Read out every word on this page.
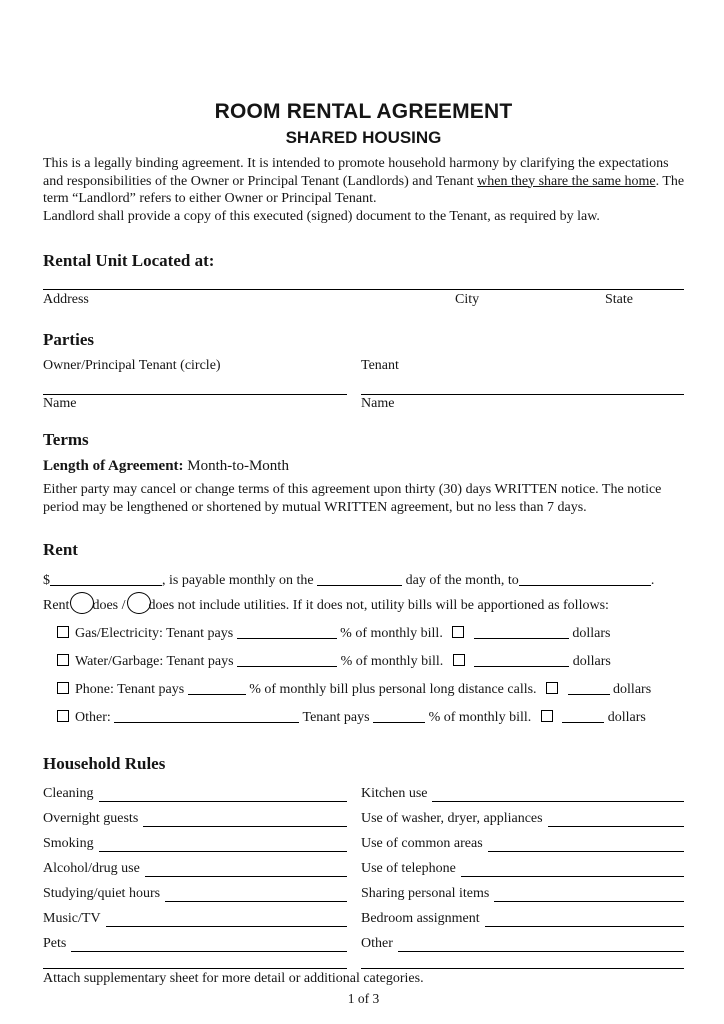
ROOM RENTAL AGREEMENT
SHARED HOUSING

This is a legally binding agreement. It is intended to promote household harmony by clarifying the expectations and responsibilities of the Owner or Principal Tenant (Landlords) and Tenant when they share the same home. The term “Landlord” refers to either Owner or Principal Tenant.
Landlord shall provide a copy of this executed (signed) document to the Tenant, as required by law.

Rental Unit Located at:
Address	City	State
Parties
Owner/Principal Tenant (circle)	Tenant
Name	Name
Terms

Length of Agreement: Month-to-Month

Either party may cancel or change terms of this agreement upon thirty (30) days WRITTEN notice. The notice period may be lengthened or shortened by mutual WRITTEN agreement, but no less than 7 days.

Rent

$	, is payable monthly on the	day of the month, to	.

Rent does / does not include utilities. If it does not, utility bills will be apportioned as follows:

Gas/Electricity: Tenant pays	% of monthly bill.	dollars
Water/Garbage: Tenant pays	% of monthly bill.	dollars
Phone: Tenant pays	% of monthly bill plus personal long distance calls.	dollars
Other:	Tenant pays	% of monthly bill.	dollars
Household Rules
Cleaning	Kitchen use
Overnight guests	Use of washer, dryer, appliances
Smoking	Use of common areas
Alcohol/drug use	Use of telephone
Studying/quiet hours	Sharing personal items
Music/TV	Bedroom assignment
Pets	Other

Attach supplementary sheet for more detail or additional categories.

1 of 3
